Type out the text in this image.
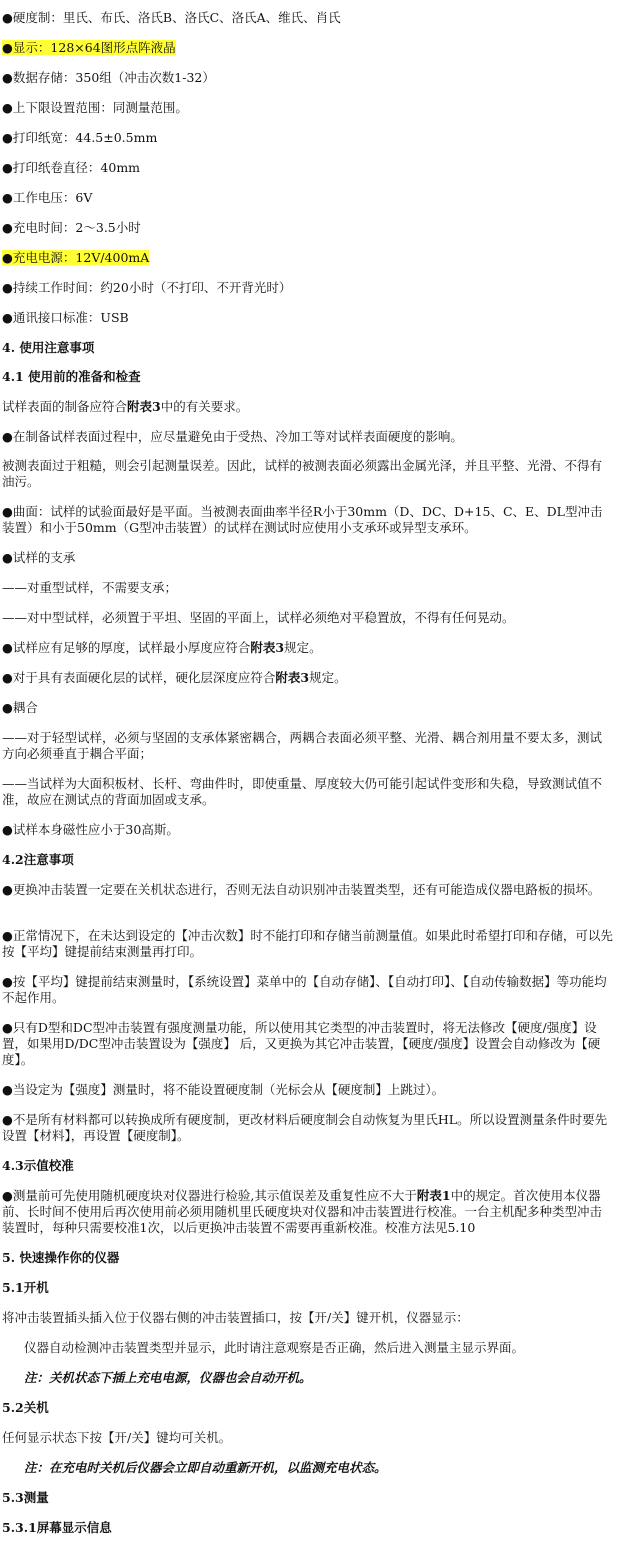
●硬度制：里氏、布氏、洛氏B、洛氏C、洛氏A、维氏、肖氏
●显示：128×64图形点阵液晶
●数据存储：350组（冲击次数1-32）
●上下限设置范围：同测量范围。
●打印纸宽：44.5±0.5mm
●打印纸卷直径：40mm
●工作电压：6V
●充电时间：2～3.5小时
●充电电源：12V/400mA
●持续工作时间：约20小时（不打印、不开背光时）
●通讯接口标准：USB
4. 使用注意事项
4.1 使用前的准备和检查
试样表面的制备应符合附表3中的有关要求。
●在制备试样表面过程中，应尽量避免由于受热、冷加工等对试样表面硬度的影响。
被测表面过于粗糙，则会引起测量误差。因此，试样的被测表面必须露出金属光泽，并且平整、光滑、不得有油污。
●曲面：试样的试验面最好是平面。当被测表面曲率半径R小于30mm（D、DC、D+15、C、E、DL型冲击装置）和小于50mm（G型冲击装置）的试样在测试时应使用小支承环或异型支承环。
●试样的支承
——对重型试样，不需要支承；
——对中型试样，必须置于平坦、坚固的平面上，试样必须绝对平稳置放，不得有任何晃动。
●试样应有足够的厚度，试样最小厚度应符合附表3规定。
●对于具有表面硬化层的试样，硬化层深度应符合附表3规定。
●耦合
——对于轻型试样，必须与坚固的支承体紧密耦合，两耦合表面必须平整、光滑、耦合剂用量不要太多，测试方向必须垂直于耦合平面；
——当试样为大面积板材、长杆、弯曲件时，即使重量、厚度较大仍可能引起试件变形和失稳，导致测试值不准，故应在测试点的背面加固或支承。
●试样本身磁性应小于30高斯。
4.2注意事项
●更换冲击装置一定要在关机状态进行，否则无法自动识别冲击装置类型，还有可能造成仪器电路板的损坏。
●正常情况下，在未达到设定的【冲击次数】时不能打印和存储当前测量值。如果此时希望打印和存储，可以先按【平均】键提前结束测量再打印。
●按【平均】键提前结束测量时，【系统设置】菜单中的【自动存储】、【自动打印】、【自动传输数据】等功能均不起作用。
●只有D型和DC型冲击装置有强度测量功能，所以使用其它类型的冲击装置时，将无法修改【硬度/强度】设置，如果用D/DC型冲击装置设为【强度】 后，又更换为其它冲击装置，【硬度/强度】设置会自动修改为【硬度】。
●当设定为【强度】测量时，将不能设置硬度制（光标会从【硬度制】上跳过）。
●不是所有材料都可以转换成所有硬度制，更改材料后硬度制会自动恢复为里氏HL。所以设置测量条件时要先设置【材料】，再设置【硬度制】。
4.3示值校准
●测量前可先使用随机硬度块对仪器进行检验,其示值误差及重复性应不大于附表1中的规定。首次使用本仪器前、长时间不使用后再次使用前必须用随机里氏硬度块对仪器和冲击装置进行校准。一台主机配多种类型冲击装置时，每种只需要校准1次，以后更换冲击装置不需要再重新校准。校准方法见5.10
5. 快速操作你的仪器
5.1开机
将冲击装置插头插入位于仪器右侧的冲击装置插口，按【开/关】键开机，仪器显示：
仪器自动检测冲击装置类型并显示，此时请注意观察是否正确，然后进入测量主显示界面。
注：关机状态下插上充电电源，仪器也会自动开机。
5.2关机
任何显示状态下按【开/关】键均可关机。
注：在充电时关机后仪器会立即自动重新开机，以监测充电状态。
5.3测量
5.3.1屏幕显示信息
